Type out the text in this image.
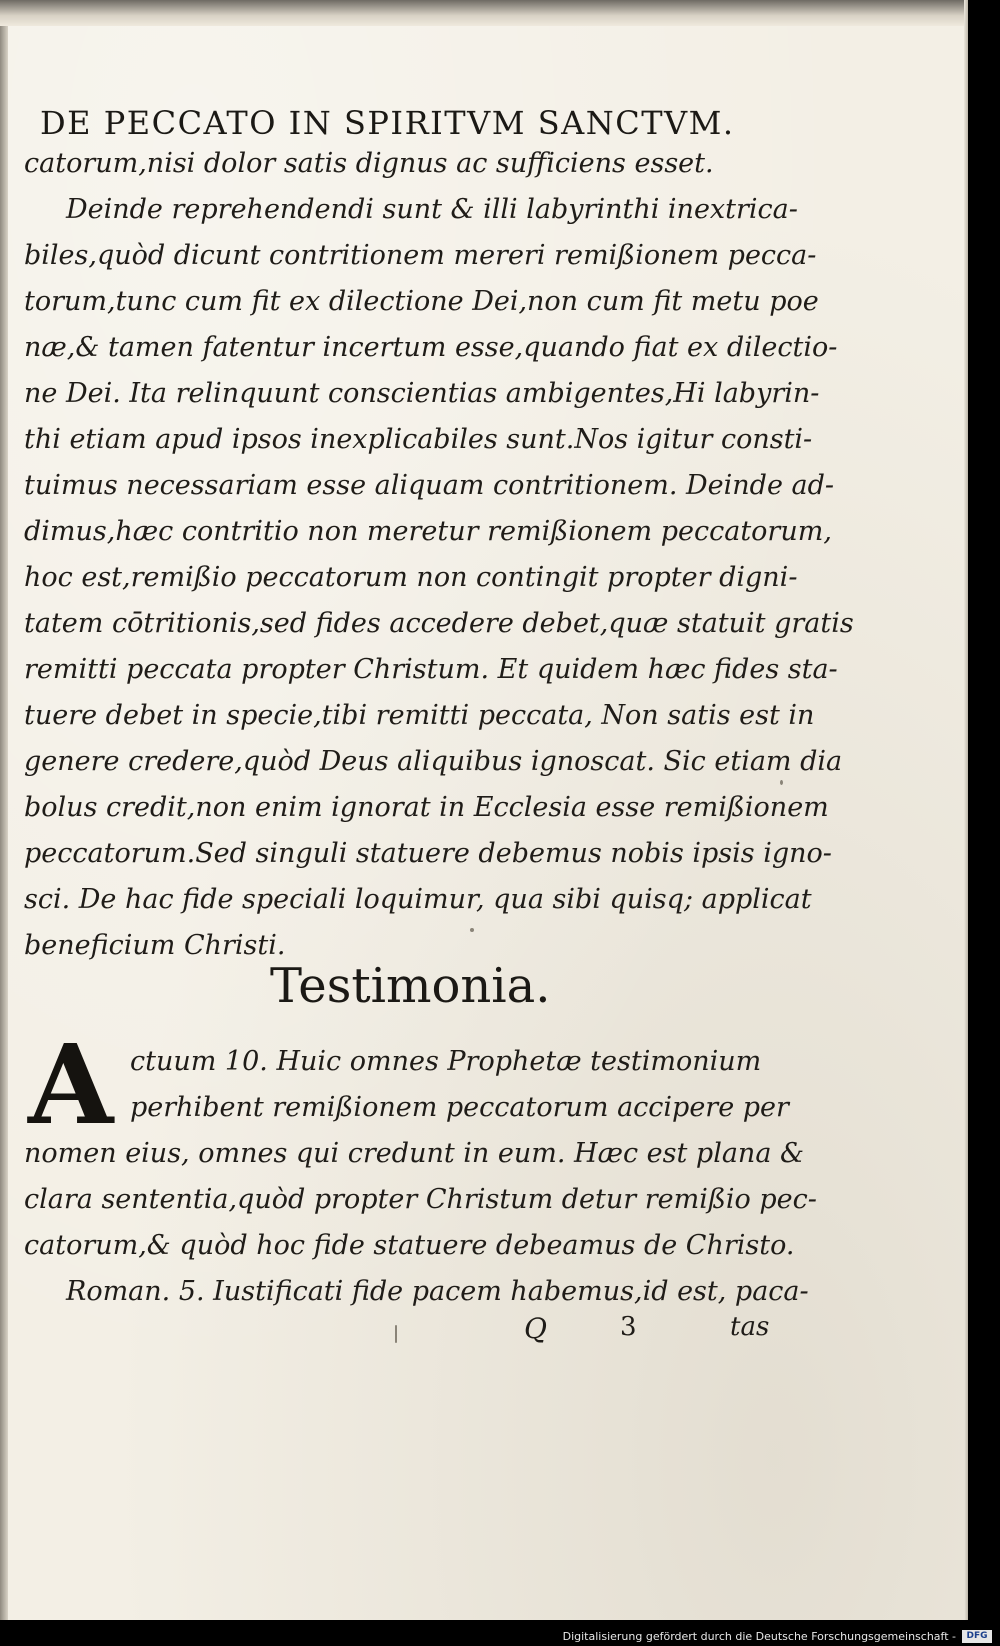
DE PECCATO IN SPIRITVM SANCTVM.
catorum,nisi dolor satis dignus ac sufficiens esset.
Deinde reprehendendi sunt & illi labyrinthi inextrica-
biles,quòd dicunt contritionem mereri remißionem pecca-
torum,tunc cum fit ex dilectione Dei,non cum fit metu poe
næ,& tamen fatentur incertum esse,quando fiat ex dilectio-
ne Dei. Ita relinquunt conscientias ambigentes,Hi labyrin-
thi etiam apud ipsos inexplicabiles sunt.Nos igitur consti-
tuimus necessariam esse aliquam contritionem. Deinde ad-
dimus,hæc contritio non meretur remißionem peccatorum,
hoc est,remißio peccatorum non contingit propter digni-
tatem cōtritionis,sed fides accedere debet,quæ statuit gratis
remitti peccata propter Christum. Et quidem hæc fides sta-
tuere debet in specie,tibi remitti peccata, Non satis est in
genere credere,quòd Deus aliquibus ignoscat. Sic etiam dia
bolus credit,non enim ignorat in Ecclesia esse remißionem
peccatorum.Sed singuli statuere debemus nobis ipsis igno-
sci. De hac fide speciali loquimur, qua sibi quisq; applicat
beneficium Christi.
Testimonia.
A ctuum 10. Huic omnes Prophetæ testimonium
perhibent remißionem peccatorum accipere per
nomen eius, omnes qui credunt in eum. Hæc est plana &
clara sententia,quòd propter Christum detur remißio pec-
catorum,& quòd hoc fide statuere debeamus de Christo.
Roman. 5. Iustificati fide pacem habemus,id est, paca-
Q	3	tas
Digitalisierung gefördert durch die Deutsche Forschungsgemeinschaft -	DFG
